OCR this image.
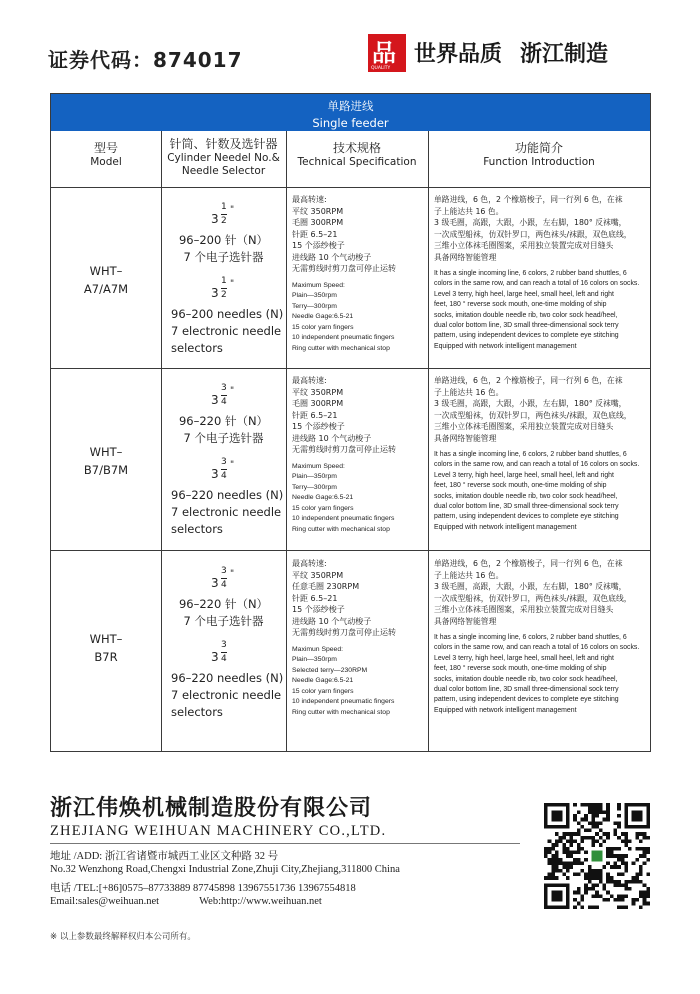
证券代码：874017	品
QUALITY
世界品质 浙江制造
单路进线
Single feeder
型号
Model
针筒、针数及选针器
Cylinder Needel No.&
Needle Selector
技术规格
Technical Specification
功能简介
Function Introduction
WHT–
A7/A7M
3
1
2
"
96–200 针（N）
7 个电子选针器
3
1
2
"
96–200 needles (N)
7 electronic needle
selectors
最高转速:
平纹 350RPM
毛圈 300RPM
针距 6.5–21
15 个添纱梭子
进线路 10 个气动梭子
无需剪线时剪刀盘可停止运转
Maximum Speed:
Plain—350rpm
Terry—300rpm
Needle Gage:6.5-21
15 color yarn fingers
10 independent pneumatic fingers
Ring cutter with mechanical stop
单路进线，6 色，2 个橡筋梭子，同一行列 6 色，在袜
子上能达共 16 色。
3 级毛圈，高跟，大跟，小跟，左右脚，180° 反袜嘴，
一次成型船袜，仿双针罗口，两色袜头/袜跟，双色底线，
三维小立体袜毛圈图案，采用独立装置完成对目缝头
具备网络智能管理
It has a single incoming line, 6 colors, 2 rubber band shuttles, 6
colors in the same row, and can reach a total of 16 colors on socks.
Level 3 terry, high heel, large heel, small heel, left and right
feet, 180 ° reverse sock mouth, one-time molding of ship
socks, imitation double needle rib, two color sock head/heel,
dual color bottom line, 3D small three-dimensional sock terry
pattern, using independent devices to complete eye stitching
Equipped with network intelligent management
WHT–
B7/B7M
3
3
4
"
96–220 针（N）
7 个电子选针器
3
3
4
"
96–220 needles (N)
7 electronic needle
selectors
最高转速:
平纹 350RPM
毛圈 300RPM
针距 6.5–21
15 个添纱梭子
进线路 10 个气动梭子
无需剪线时剪刀盘可停止运转
Maximum Speed:
Plain—350rpm
Terry—300rpm
Needle Gage:6.5-21
15 color yarn fingers
10 independent pneumatic fingers
Ring cutter with mechanical stop
单路进线，6 色，2 个橡筋梭子，同一行列 6 色，在袜
子上能达共 16 色。
3 级毛圈，高跟，大跟，小跟，左右脚，180° 反袜嘴，
一次成型船袜，仿双针罗口，两色袜头/袜跟，双色底线，
三维小立体袜毛圈图案，采用独立装置完成对目缝头
具备网络智能管理
It has a single incoming line, 6 colors, 2 rubber band shuttles, 6
colors in the same row, and can reach a total of 16 colors on socks.
Level 3 terry, high heel, large heel, small heel, left and right
feet, 180 ° reverse sock mouth, one-time molding of ship
socks, imitation double needle rib, two color sock head/heel,
dual color bottom line, 3D small three-dimensional sock terry
pattern, using independent devices to complete eye stitching
Equipped with network intelligent management
WHT–
B7R
3
3
4
"
96–220 针（N）
7 个电子选针器
3
3
4
96–220 needles (N)
7 electronic needle
selectors
最高转速:
平纹 350RPM
任意毛圈 230RPM
针距 6.5–21
15 个添纱梭子
进线路 10 个气动梭子
无需剪线时剪刀盘可停止运转
Maximun Speed:
Plain—350rpm
Selected terry—230RPM
Needle Gage:6.5-21
15 color yarn fingers
10 independent pneumatic fingers
Ring cutter with mechanical stop
单路进线，6 色，2 个橡筋梭子，同一行列 6 色，在袜
子上能达共 16 色。
3 级毛圈，高跟，大跟，小跟，左右脚，180° 反袜嘴，
一次成型船袜，仿双针罗口，两色袜头/袜跟，双色底线，
三维小立体袜毛圈图案，采用独立装置完成对目缝头
具备网络智能管理
It has a single incoming line, 6 colors, 2 rubber band shuttles, 6
colors in the same row, and can reach a total of 16 colors on socks.
Level 3 terry, high heel, large heel, small heel, left and right
feet, 180 ° reverse sock mouth, one-time molding of ship
socks, imitation double needle rib, two color sock head/heel,
dual color bottom line, 3D small three-dimensional sock terry
pattern, using independent devices to complete eye stitching
Equipped with network intelligent management
浙江伟焕机械制造股份有限公司
ZHEJIANG WEIHUAN MACHINERY CO.,LTD.
地址 /ADD: 浙江省诸暨市城西工业区文种路 32 号
No.32 Wenzhong Road,Chengxi Industrial Zone,Zhuji City,Zhejiang,311800 China
电话 /TEL:[+86]0575–87733889 87745898 13967551736 13967554818
Email:sales@weihuan.net	Web:http://www.weihuan.net
※ 以上参数最终解释权归本公司所有。
